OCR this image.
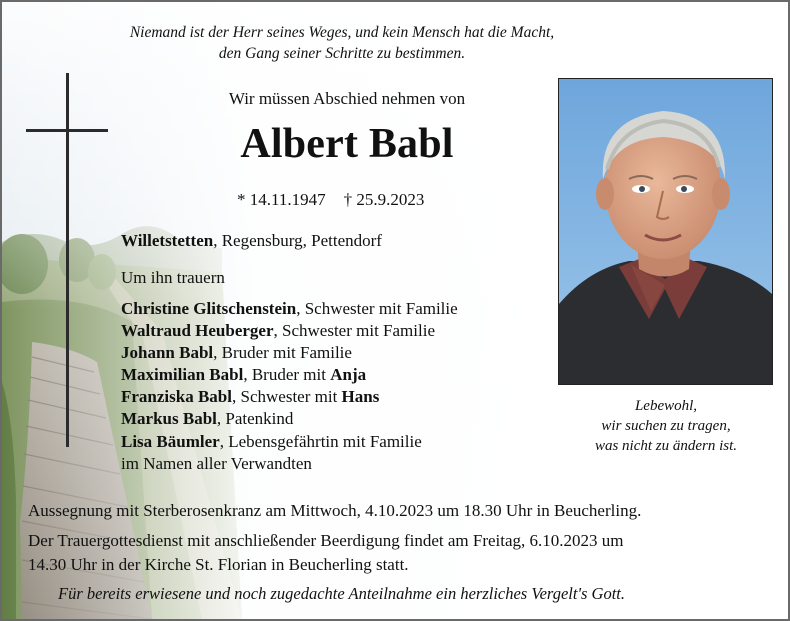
Niemand ist der Herr seines Weges, und kein Mensch hat die Macht,
den Gang seiner Schritte zu bestimmen.
Wir müssen Abschied nehmen von
Albert Babl
* 14.11.1947 † 25.9.2023
Willetstetten, Regensburg, Pettendorf
Um ihn trauern
Christine Glitschenstein, Schwester mit Familie
Waltraud Heuberger, Schwester mit Familie
Johann Babl, Bruder mit Familie
Maximilian Babl, Bruder mit Anja
Franziska Babl, Schwester mit Hans
Markus Babl, Patenkind
Lisa Bäumler, Lebensgefährtin mit Familie
im Namen aller Verwandten
Lebewohl,
wir suchen zu tragen,
was nicht zu ändern ist.
Aussegnung mit Sterberosenkranz am Mittwoch, 4.10.2023 um 18.30 Uhr in Beucherling.
Der Trauergottesdienst mit anschließender Beerdigung findet am Freitag, 6.10.2023 um
14.30 Uhr in der Kirche St. Florian in Beucherling statt.
Für bereits erwiesene und noch zugedachte Anteilnahme ein herzliches Vergelt's Gott.
